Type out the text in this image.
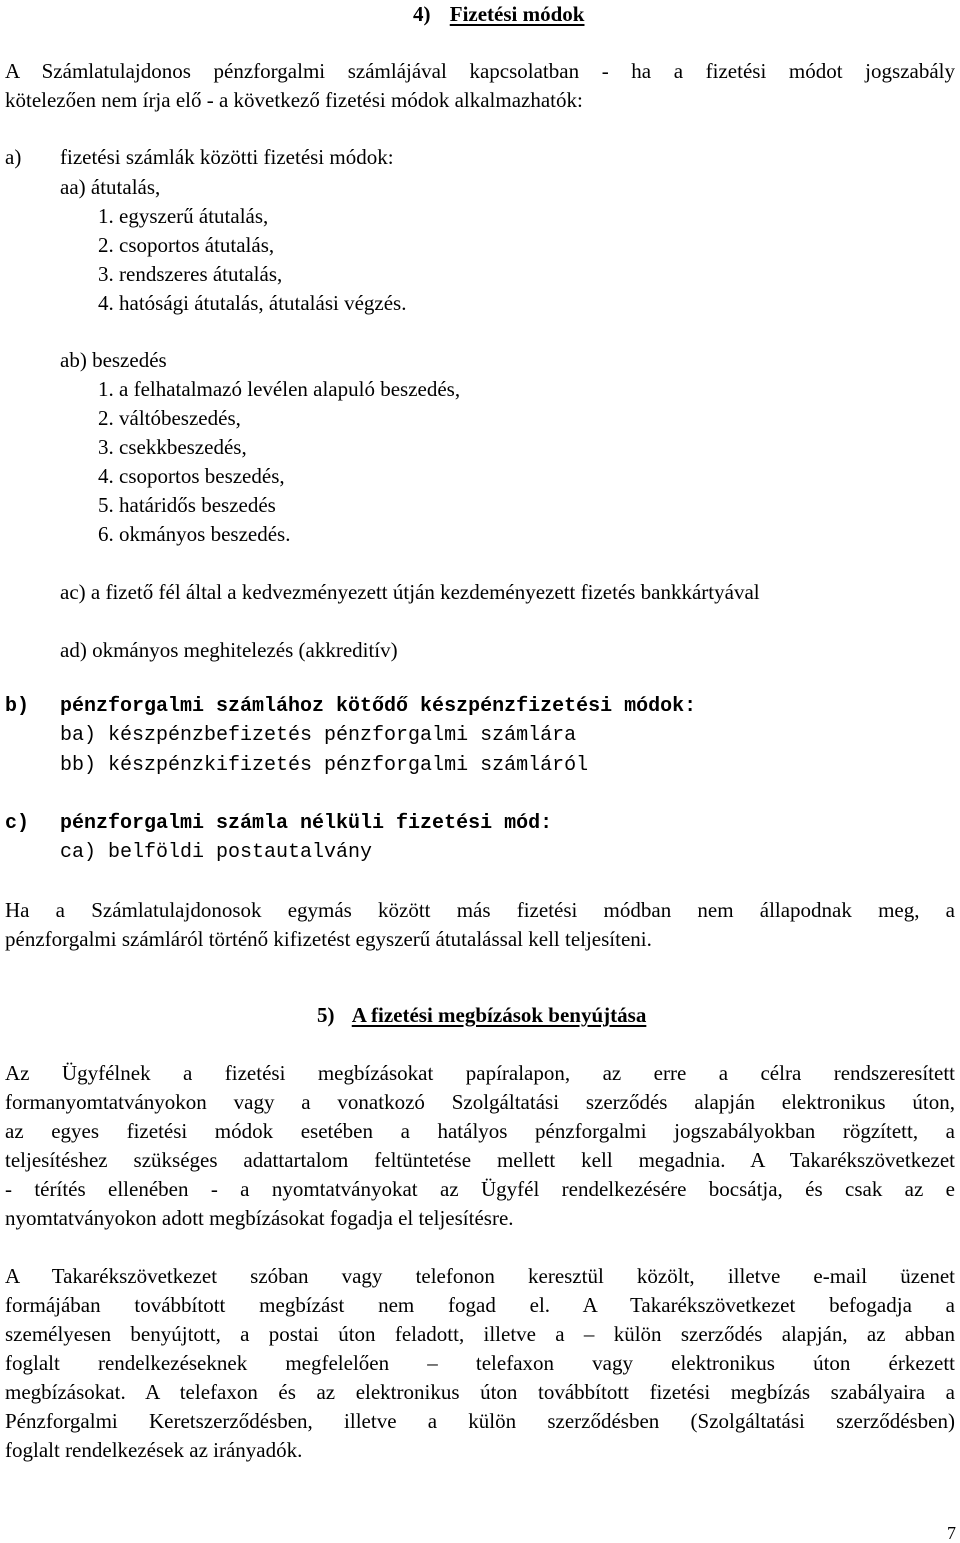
4) Fizetési módok
A Számlatulajdonos pénzforgalmi számlájával kapcsolatban - ha a fizetési módot jogszabály
kötelezően nem írja elő - a következő fizetési módok alkalmazhatók:
a) fizetési számlák közötti fizetési módok:
aa) átutalás,
1. egyszerű átutalás,
2. csoportos átutalás,
3. rendszeres átutalás,
4. hatósági átutalás, átutalási végzés.
ab) beszedés
1. a felhatalmazó levélen alapuló beszedés,
2. váltóbeszedés,
3. csekkbeszedés,
4. csoportos beszedés,
5. határidős beszedés
6. okmányos beszedés.
ac) a fizető fél által a kedvezményezett útján kezdeményezett fizetés bankkártyával
ad) okmányos meghitelezés (akkreditív)
b) pénzforgalmi számlához kötődő készpénzfizetési módok:
ba) készpénzbefizetés pénzforgalmi számlára
bb) készpénzkifizetés pénzforgalmi számláról
c) pénzforgalmi számla nélküli fizetési mód:
ca) belföldi postautalvány
Ha a Számlatulajdonosok egymás között más fizetési módban nem állapodnak meg, a
pénzforgalmi számláról történő kifizetést egyszerű átutalással kell teljesíteni.
5) A fizetési megbízások benyújtása
Az Ügyfélnek a fizetési megbízásokat papíralapon, az erre a célra rendszeresített
formanyomtatványokon vagy a vonatkozó Szolgáltatási szerződés alapján elektronikus úton,
az egyes fizetési módok esetében a hatályos pénzforgalmi jogszabályokban rögzített, a
teljesítéshez szükséges adattartalom feltüntetése mellett kell megadnia. A Takarékszövetkezet
- térítés ellenében - a nyomtatványokat az Ügyfél rendelkezésére bocsátja, és csak az e
nyomtatványokon adott megbízásokat fogadja el teljesítésre.
A Takarékszövetkezet szóban vagy telefonon keresztül közölt, illetve e-mail üzenet
formájában továbbított megbízást nem fogad el. A Takarékszövetkezet befogadja a
személyesen benyújtott, a postai úton feladott, illetve a – külön szerződés alapján, az abban
foglalt rendelkezéseknek megfelelően – telefaxon vagy elektronikus úton érkezett
megbízásokat. A telefaxon és az elektronikus úton továbbított fizetési megbízás szabályaira a
Pénzforgalmi Keretszerződésben, illetve a külön szerződésben (Szolgáltatási szerződésben)
foglalt rendelkezések az irányadók.
7
